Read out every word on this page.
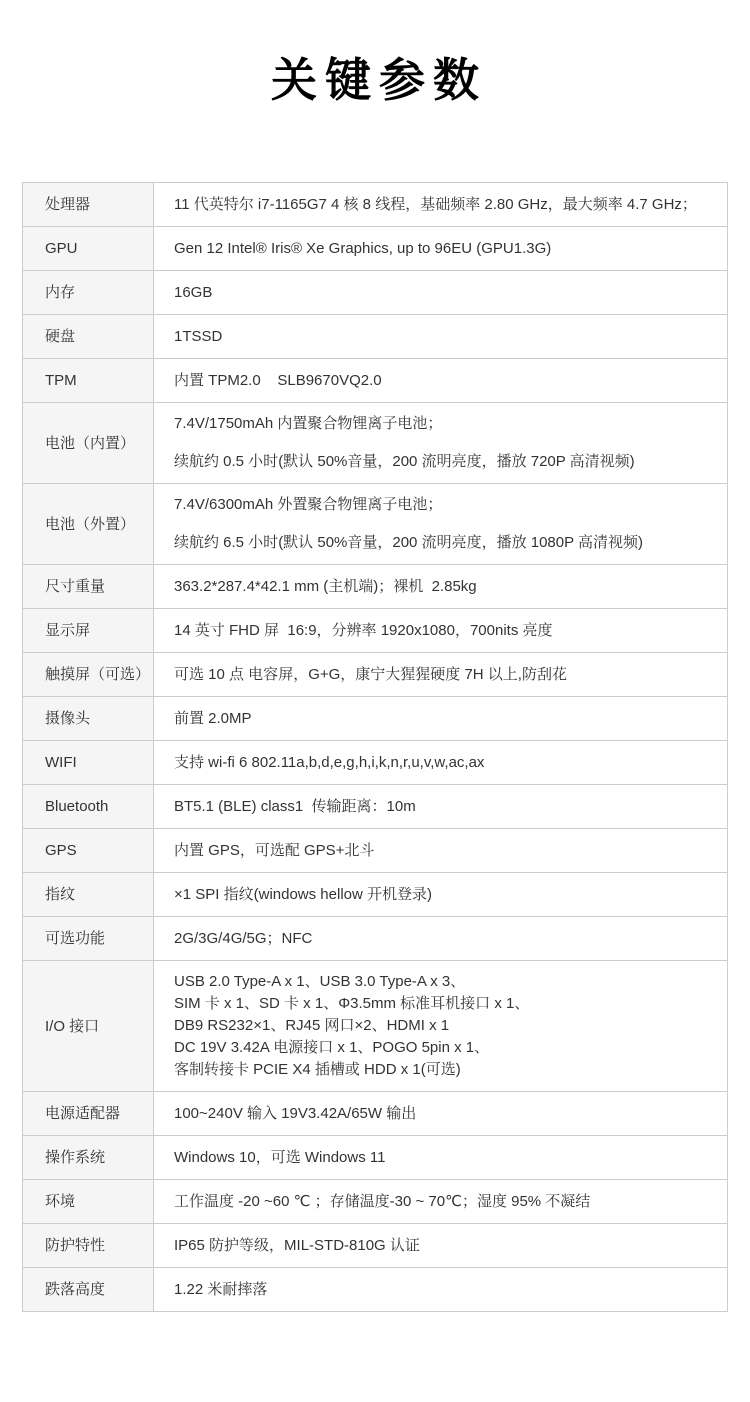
关键参数
处理器	11 代英特尔 i7-1165G7 4 核 8 线程，基础频率 2.80 GHz，最大频率 4.7 GHz；

GPU	Gen 12 Intel® Iris® Xe Graphics, up to 96EU (GPU1.3G)

内存	16GB

硬盘	1TSSD

TPM	内置 TPM2.0    SLB9670VQ2.0

电池（内置）	7.4V/1750mAh 内置聚合物锂离子电池；
续航约 0.5 小时(默认 50%音量，200 流明亮度，播放 720P 高清视频)

电池（外置）	7.4V/6300mAh 外置聚合物锂离子电池；
续航约 6.5 小时(默认 50%音量，200 流明亮度，播放 1080P 高清视频)

尺寸重量	363.2*287.4*42.1 mm (主机端)；裸机  2.85kg

显示屏	14 英寸 FHD 屏  16:9，分辨率 1920x1080，700nits 亮度

触摸屏（可选）	可选 10 点 电容屏，G+G，康宁大猩猩硬度 7H 以上,防刮花

摄像头	前置 2.0MP

WIFI	支持 wi-fi 6 802.11a,b,d,e,g,h,i,k,n,r,u,v,w,ac,ax

Bluetooth	BT5.1 (BLE) class1  传输距离：10m

GPS	内置 GPS，可选配 GPS+北斗

指纹	×1 SPI 指纹(windows hellow 开机登录)

可选功能	2G/3G/4G/5G；NFC

I/O 接口	USB 2.0 Type-A x 1、USB 3.0 Type-A x 3、
SIM 卡 x 1、SD 卡 x 1、Φ3.5mm 标准耳机接口 x 1、
DB9 RS232×1、RJ45 网口×2、HDMI x 1
DC 19V 3.42A 电源接口 x 1、POGO 5pin x 1、
客制转接卡 PCIE X4 插槽或 HDD x 1(可选)

电源适配器	100~240V 输入 19V3.42A/65W 输出

操作系统	Windows 10，可选 Windows 11

环境	工作温度 -20 ~60 ℃ ；存储温度-30 ~ 70℃；湿度 95% 不凝结

防护特性	IP65 防护等级，MIL-STD-810G 认证

跌落高度	1.22 米耐摔落
